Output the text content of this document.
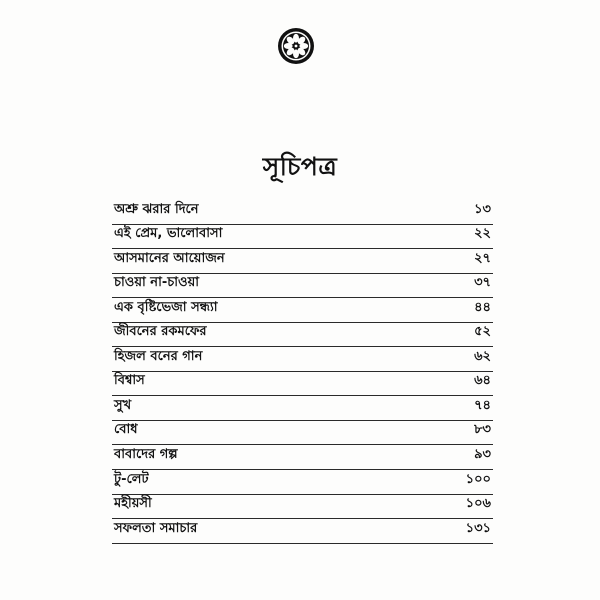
সূচিপত্র
অশ্রু ঝরার দিনে	১৩
এই প্রেম, ভালোবাসা	২২
আসমানের আয়োজন	২৭
চাওয়া না-চাওয়া	৩৭
এক বৃষ্টিভেজা সন্ধ্যা	৪৪
জীবনের রকমফের	৫২
হিজল বনের গান	৬২
বিশ্বাস	৬৪
সুখ	৭৪
বোধ	৮৩
বাবাদের গল্প	৯৩
টু-লেট	১০০
মহীয়সী	১০৬
সফলতা সমাচার	১৩১
